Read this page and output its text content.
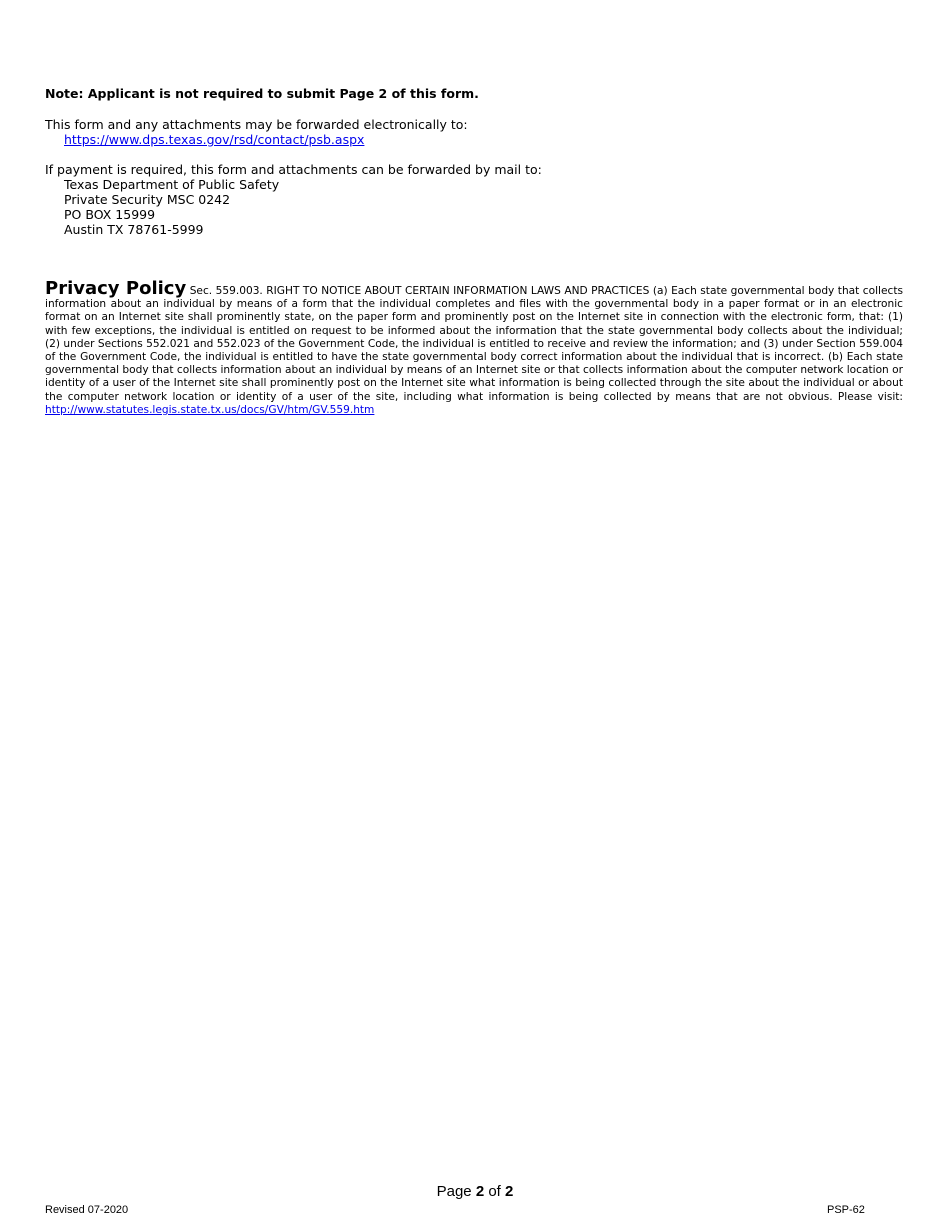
Note: Applicant is not required to submit Page 2 of this form.
This form and any attachments may be forwarded electronically to:
https://www.dps.texas.gov/rsd/contact/psb.aspx
If payment is required, this form and attachments can be forwarded by mail to:
Texas Department of Public Safety
Private Security MSC 0242
PO BOX 15999
Austin TX 78761-5999
Privacy Policy Sec. 559.003. RIGHT TO NOTICE ABOUT CERTAIN INFORMATION LAWS AND PRACTICES (a) Each state governmental body that collects information about an individual by means of a form that the individual completes and files with the governmental body in a paper format or in an electronic format on an Internet site shall prominently state, on the paper form and prominently post on the Internet site in connection with the electronic form, that: (1) with few exceptions, the individual is entitled on request to be informed about the information that the state governmental body collects about the individual; (2) under Sections 552.021 and 552.023 of the Government Code, the individual is entitled to receive and review the information; and (3) under Section 559.004 of the Government Code, the individual is entitled to have the state governmental body correct information about the individual that is incorrect. (b) Each state governmental body that collects information about an individual by means of an Internet site or that collects information about the computer network location or identity of a user of the Internet site shall prominently post on the Internet site what information is being collected through the site about the individual or about the computer network location or identity of a user of the site, including what information is being collected by means that are not obvious. Please visit: http://www.statutes.legis.state.tx.us/docs/GV/htm/GV.559.htm
Page 2 of 2
Revised 07-2020	PSP-62
